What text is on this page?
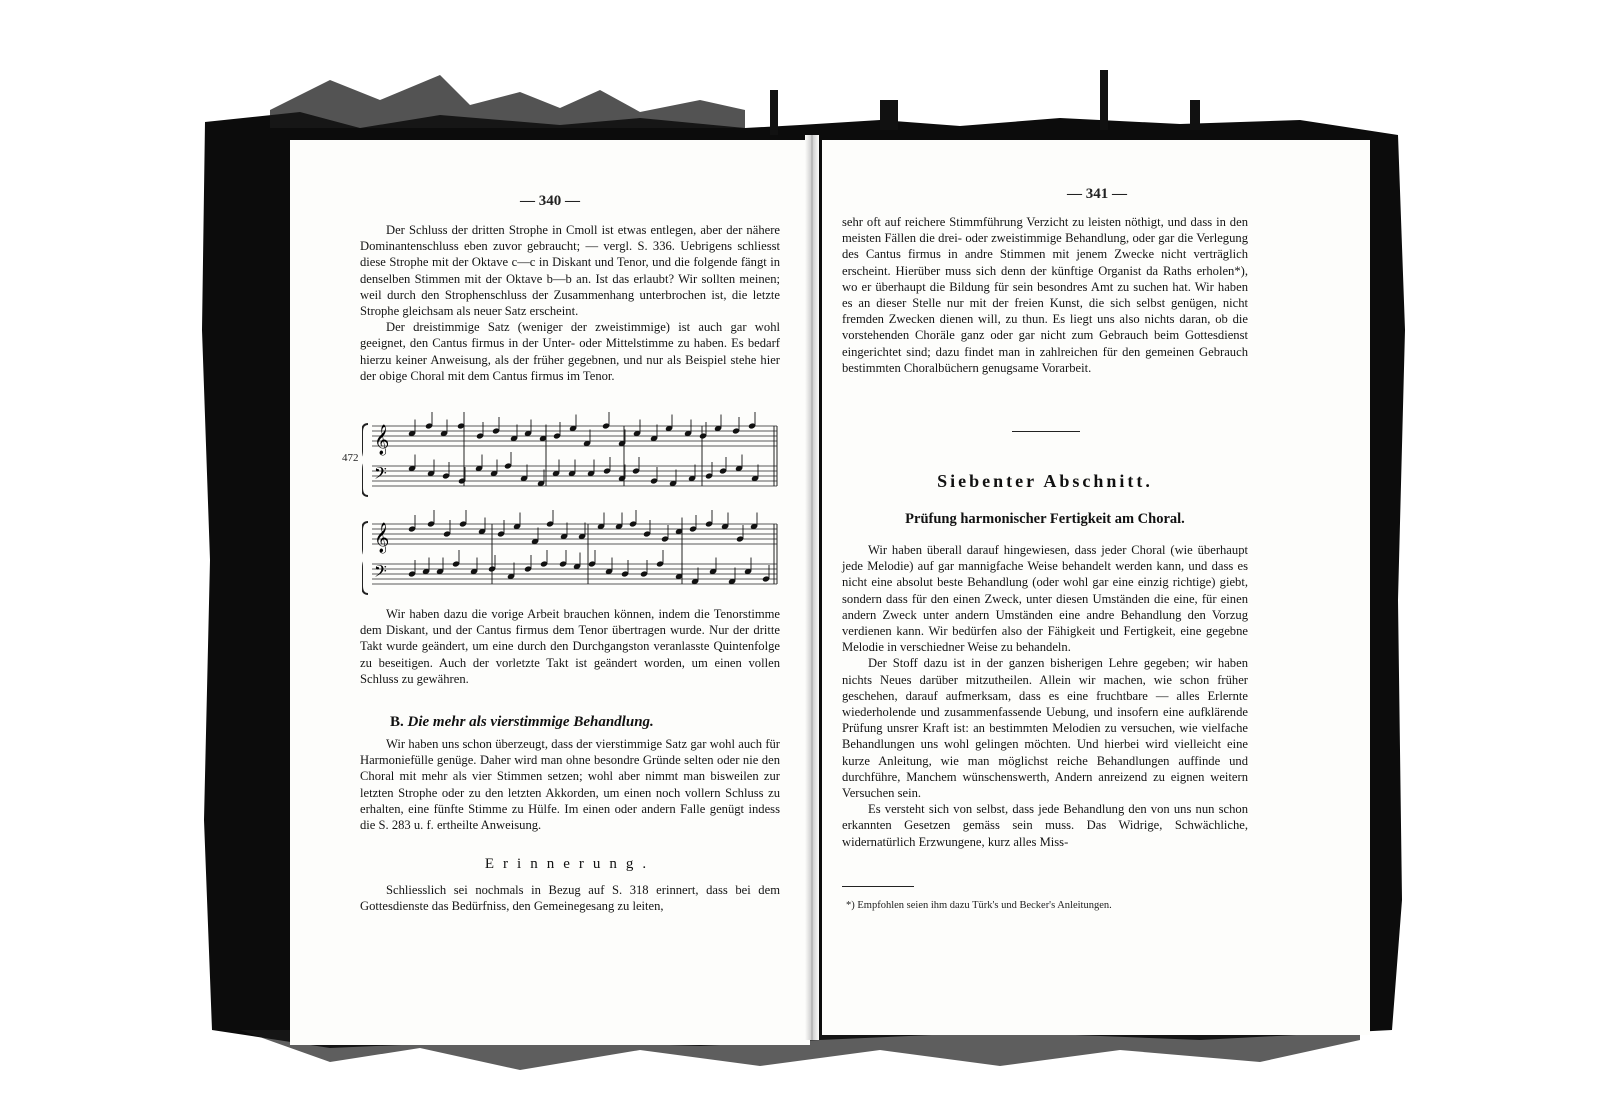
— 340 —

Der Schluss der dritten Strophe in Cmoll ist etwas entlegen, aber der nähere Dominantenschluss eben zuvor gebraucht; — vergl. S. 336. Uebrigens schliesst diese Strophe mit der Oktave c—c in Diskant und Tenor, und die folgende fängt in denselben Stimmen mit der Oktave b—b an. Ist das erlaubt? Wir sollten meinen; weil durch den Strophenschluss der Zusammenhang unterbrochen ist, die letzte Strophe gleichsam als neuer Satz erscheint.

Der dreistimmige Satz (weniger der zweistimmige) ist auch gar wohl geeignet, den Cantus firmus in der Unter- oder Mittelstimme zu haben. Es bedarf hierzu keiner Anweisung, als der früher gegebnen, und nur als Beispiel stehe hier der obige Choral mit dem Cantus firmus im Tenor.

472
𝄞
𝄞
𝄢
𝄢

Wir haben dazu die vorige Arbeit brauchen können, indem die Tenorstimme dem Diskant, und der Cantus firmus dem Tenor übertragen wurde. Nur der dritte Takt wurde geändert, um eine durch den Durchgangston veranlasste Quintenfolge zu beseitigen. Auch der vorletzte Takt ist geändert worden, um einen vollen Schluss zu gewähren.

B. Die mehr als vierstimmige Behandlung.

Wir haben uns schon überzeugt, dass der vierstimmige Satz gar wohl auch für Harmoniefülle genüge. Daher wird man ohne besondre Gründe selten oder nie den Choral mit mehr als vier Stimmen setzen; wohl aber nimmt man bisweilen zur letzten Strophe oder zu den letzten Akkorden, um einen noch vollern Schluss zu erhalten, eine fünfte Stimme zu Hülfe. Im einen oder andern Falle genügt indess die S. 283 u. f. ertheilte Anweisung.

Erinnerung.

Schliesslich sei nochmals in Bezug auf S. 318 erinnert, dass bei dem Gottesdienste das Bedürfniss, den Gemeinegesang zu leiten,

— 341 —

sehr oft auf reichere Stimmführung Verzicht zu leisten nöthigt, und dass in den meisten Fällen die drei- oder zweistimmige Behandlung, oder gar die Verlegung des Cantus firmus in andre Stimmen mit jenem Zwecke nicht verträglich erscheint. Hierüber muss sich denn der künftige Organist da Raths erholen*), wo er überhaupt die Bildung für sein besondres Amt zu suchen hat. Wir haben es an dieser Stelle nur mit der freien Kunst, die sich selbst genügen, nicht fremden Zwecken dienen will, zu thun. Es liegt uns also nichts daran, ob die vorstehenden Choräle ganz oder gar nicht zum Gebrauch beim Gottesdienst eingerichtet sind; dazu findet man in zahlreichen für den gemeinen Gebrauch bestimmten Choralbüchern genugsame Vorarbeit.

Siebenter Abschnitt.
Prüfung harmonischer Fertigkeit am Choral.

Wir haben überall darauf hingewiesen, dass jeder Choral (wie überhaupt jede Melodie) auf gar mannigfache Weise behandelt werden kann, und dass es nicht eine absolut beste Behandlung (oder wohl gar eine einzig richtige) giebt, sondern dass für den einen Zweck, unter diesen Umständen die eine, für einen andern Zweck unter andern Umständen eine andre Behandlung den Vorzug verdienen kann. Wir bedürfen also der Fähigkeit und Fertigkeit, eine gegebne Melodie in verschiedner Weise zu behandeln.

Der Stoff dazu ist in der ganzen bisherigen Lehre gegeben; wir haben nichts Neues darüber mitzutheilen. Allein wir machen, wie schon früher geschehen, darauf aufmerksam, dass es eine fruchtbare — alles Erlernte wiederholende und zusammenfassende Uebung, und insofern eine aufklärende Prüfung unsrer Kraft ist: an bestimmten Melodien zu versuchen, wie vielfache Behandlungen uns wohl gelingen möchten. Und hierbei wird vielleicht eine kurze Anleitung, wie man möglichst reiche Behandlungen auffinde und durchführe, Manchem wünschenswerth, Andern anreizend zu eignen weitern Versuchen sein.

Es versteht sich von selbst, dass jede Behandlung den von uns nun schon erkannten Gesetzen gemäss sein muss. Das Widrige, Schwächliche, widernatürlich Erzwungene, kurz alles Miss-

*) Empfohlen seien ihm dazu Türk's und Becker's Anleitungen.
